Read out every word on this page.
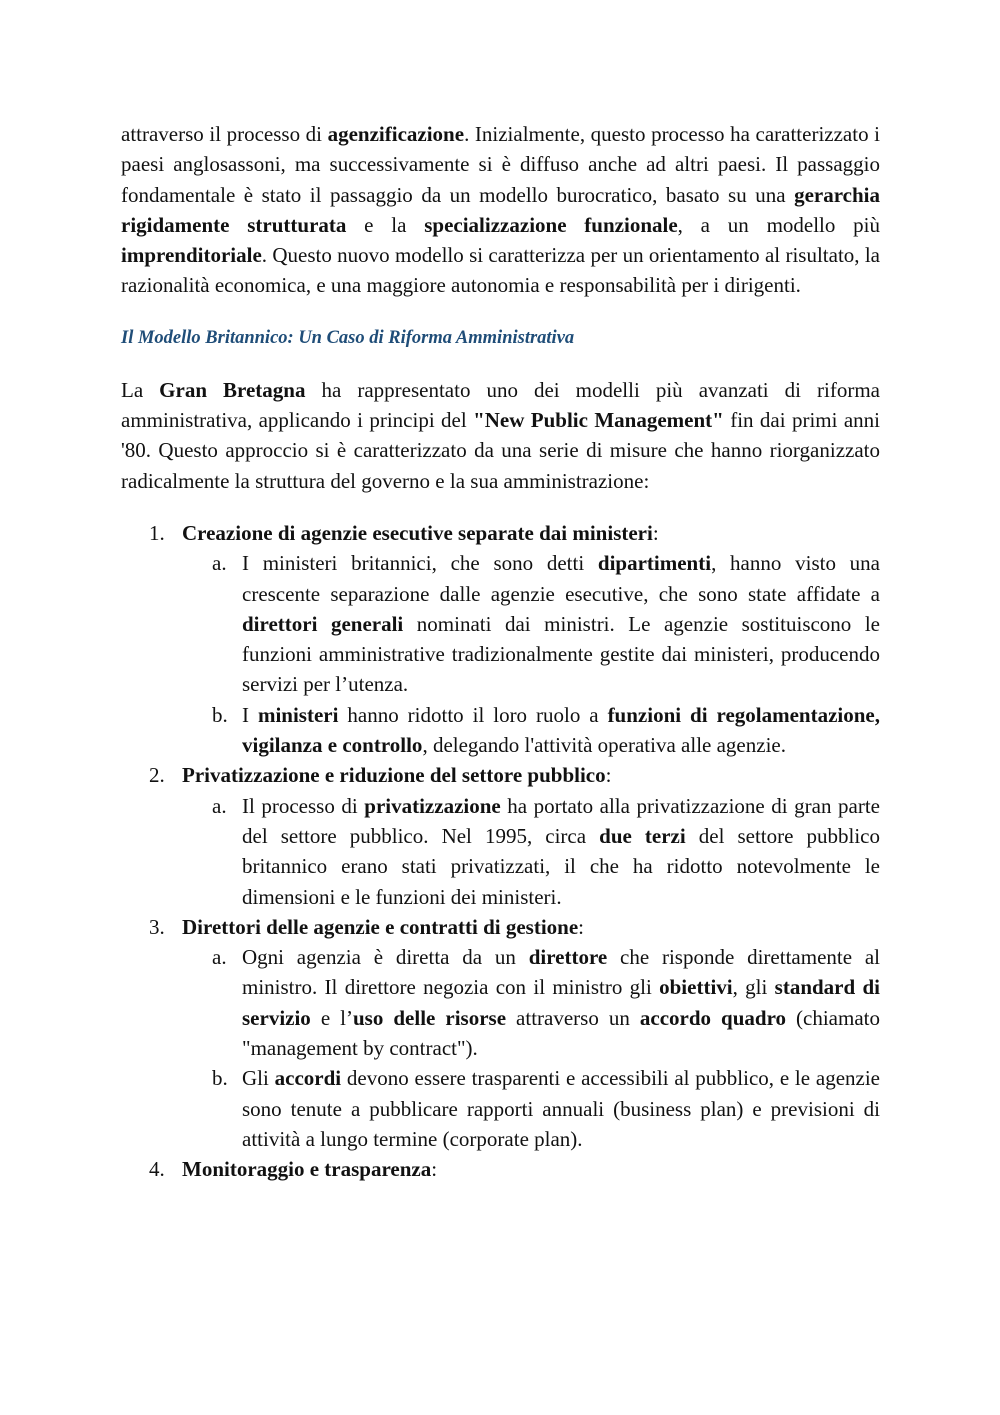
attraverso il processo di agenzificazione. Inizialmente, questo processo ha caratterizzato i paesi anglosassoni, ma successivamente si è diffuso anche ad altri paesi. Il passaggio fondamentale è stato il passaggio da un modello burocratico, basato su una gerarchia rigidamente strutturata e la specializzazione funzionale, a un modello più imprenditoriale. Questo nuovo modello si caratterizza per un orientamento al risultato, la razionalità economica, e una maggiore autonomia e responsabilità per i dirigenti.

Il Modello Britannico: Un Caso di Riforma Amministrativa

La Gran Bretagna ha rappresentato uno dei modelli più avanzati di riforma amministrativa, applicando i principi del "New Public Management" fin dai primi anni '80. Questo approccio si è caratterizzato da una serie di misure che hanno riorganizzato radicalmente la struttura del governo e la sua amministrazione:

1. Creazione di agenzie esecutive separate dai ministeri:
a. I ministeri britannici, che sono detti dipartimenti, hanno visto una crescente separazione dalle agenzie esecutive, che sono state affidate a direttori generali nominati dai ministri. Le agenzie sostituiscono le funzioni amministrative tradizionalmente gestite dai ministeri, producendo servizi per l’utenza.
b. I ministeri hanno ridotto il loro ruolo a funzioni di regolamentazione, vigilanza e controllo, delegando l'attività operativa alle agenzie.
2. Privatizzazione e riduzione del settore pubblico:
a. Il processo di privatizzazione ha portato alla privatizzazione di gran parte del settore pubblico. Nel 1995, circa due terzi del settore pubblico britannico erano stati privatizzati, il che ha ridotto notevolmente le dimensioni e le funzioni dei ministeri.
3. Direttori delle agenzie e contratti di gestione:
a. Ogni agenzia è diretta da un direttore che risponde direttamente al ministro. Il direttore negozia con il ministro gli obiettivi, gli standard di servizio e l’uso delle risorse attraverso un accordo quadro (chiamato "management by contract").
b. Gli accordi devono essere trasparenti e accessibili al pubblico, e le agenzie sono tenute a pubblicare rapporti annuali (business plan) e previsioni di attività a lungo termine (corporate plan).
4. Monitoraggio e trasparenza:
